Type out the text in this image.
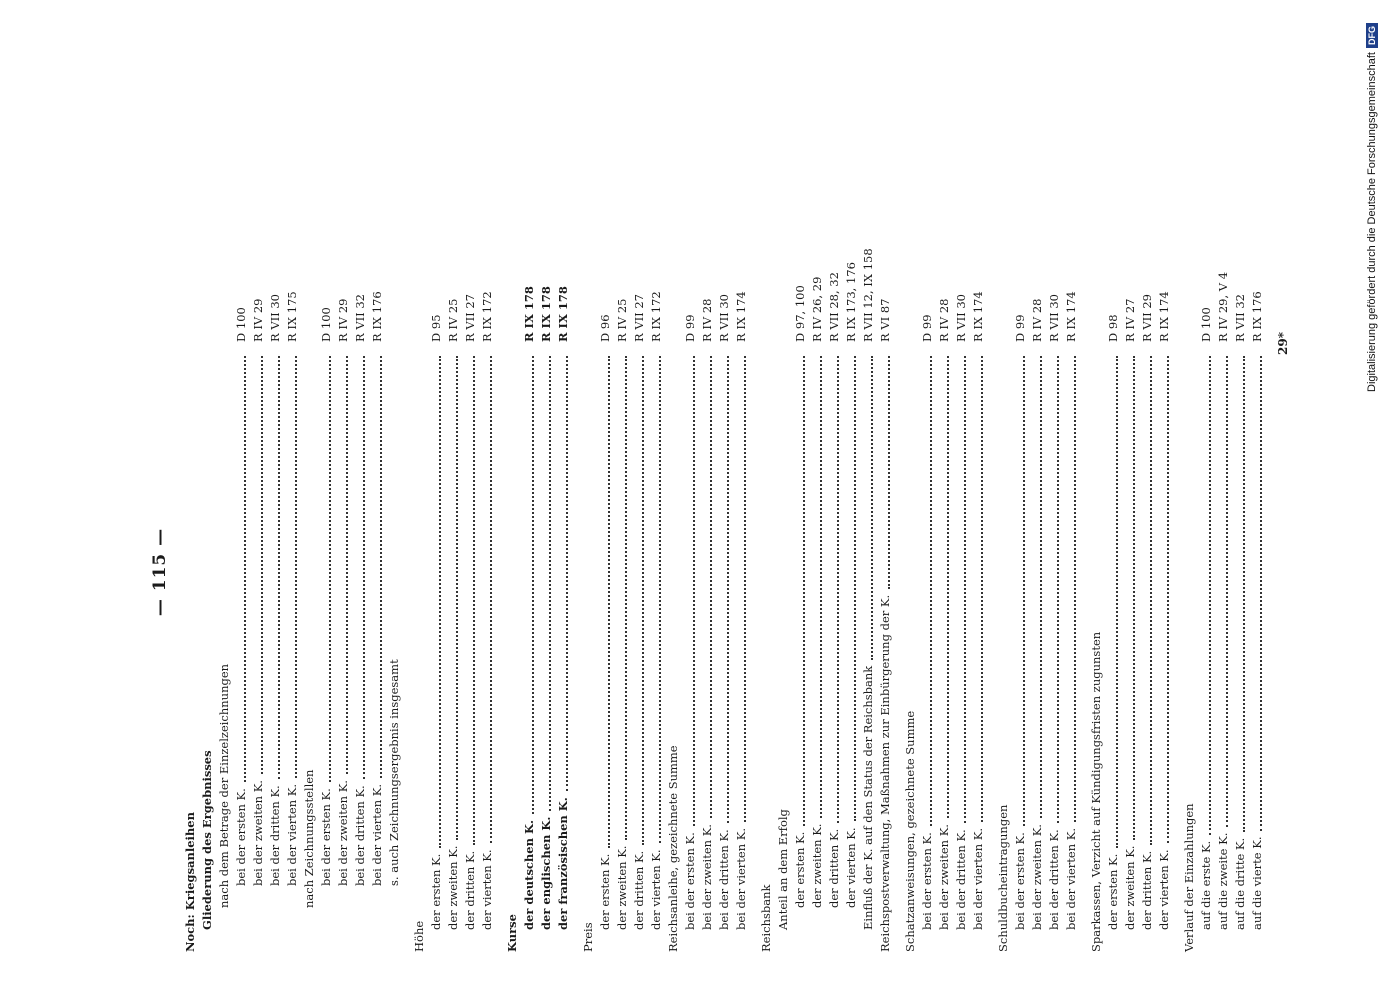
— 115 —
Noch: Kriegsanleihen Gliederung des Ergebnisses nach dem Betrage der Einzelzeichnungen bei der ersten K.
D 100
bei der zweiten K.
R IV 29
bei der dritten K.
R VII 30
bei der vierten K.
R IX 175
nach Zeichnungsstellen bei der ersten K.
D 100
bei der zweiten K.
R IV 29
bei der dritten K.
R VII 32
bei der vierten K.
R IX 176
s. auch Zeichnungsergebnis insgesamt
Höhe
der ersten K.
D 95
der zweiten K.
R IV 25
der dritten K.
R VII 27
der vierten K.
R IX 172
Kurse
der deutschen K.
R IX 178
der englischen K.
R IX 178
der französischen K.
R IX 178
Preis
der ersten K.
D 96
der zweiten K.
R IV 25
der dritten K.
R VII 27
der vierten K.
R IX 172
Reichsanleihe, gezeichnete Summe bei der ersten K.
D 99
bei der zweiten K.
R IV 28
bei der dritten K.
R VII 30
bei der vierten K.
R IX 174
Reichsbank Anteil an dem Erfolg der ersten K.
D 97, 100
der zweiten K.
R IV 26, 29
der dritten K.
R VII 28, 32
der vierten K.
R IX 173, 176
Einfluß der K. auf den Status der Reichsbank
R VII 12, IX 158
Reichspostverwaltung, Maßnahmen zur Einbürgerung der K.
R VI 87
Schatzanweisungen, gezeichnete Summe bei der ersten K.
D 99
bei der zweiten K.
R IV 28
bei der dritten K.
R VII 30
bei der vierten K.
R IX 174
Schuldbucheintragungen bei der ersten K.
D 99
bei der zweiten K.
R IV 28
bei der dritten K.
R VII 30
bei der vierten K.
R IX 174
Sparkassen, Verzicht auf Kündigungsfristen zugunsten der ersten K.
D 98
der zweiten K.
R IV 27
der dritten K.
R VII 29
der vierten K.
R IX 174
Verlauf der Einzahlungen auf die erste K.
D 100
auf die zweite K.
R IV 29, V 4
auf die dritte K.
R VII 32
auf die vierte K.
R IX 176
29*	Digitalisierung gefördert durch die Deutsche Forschungsgemeinschaft
DFG
